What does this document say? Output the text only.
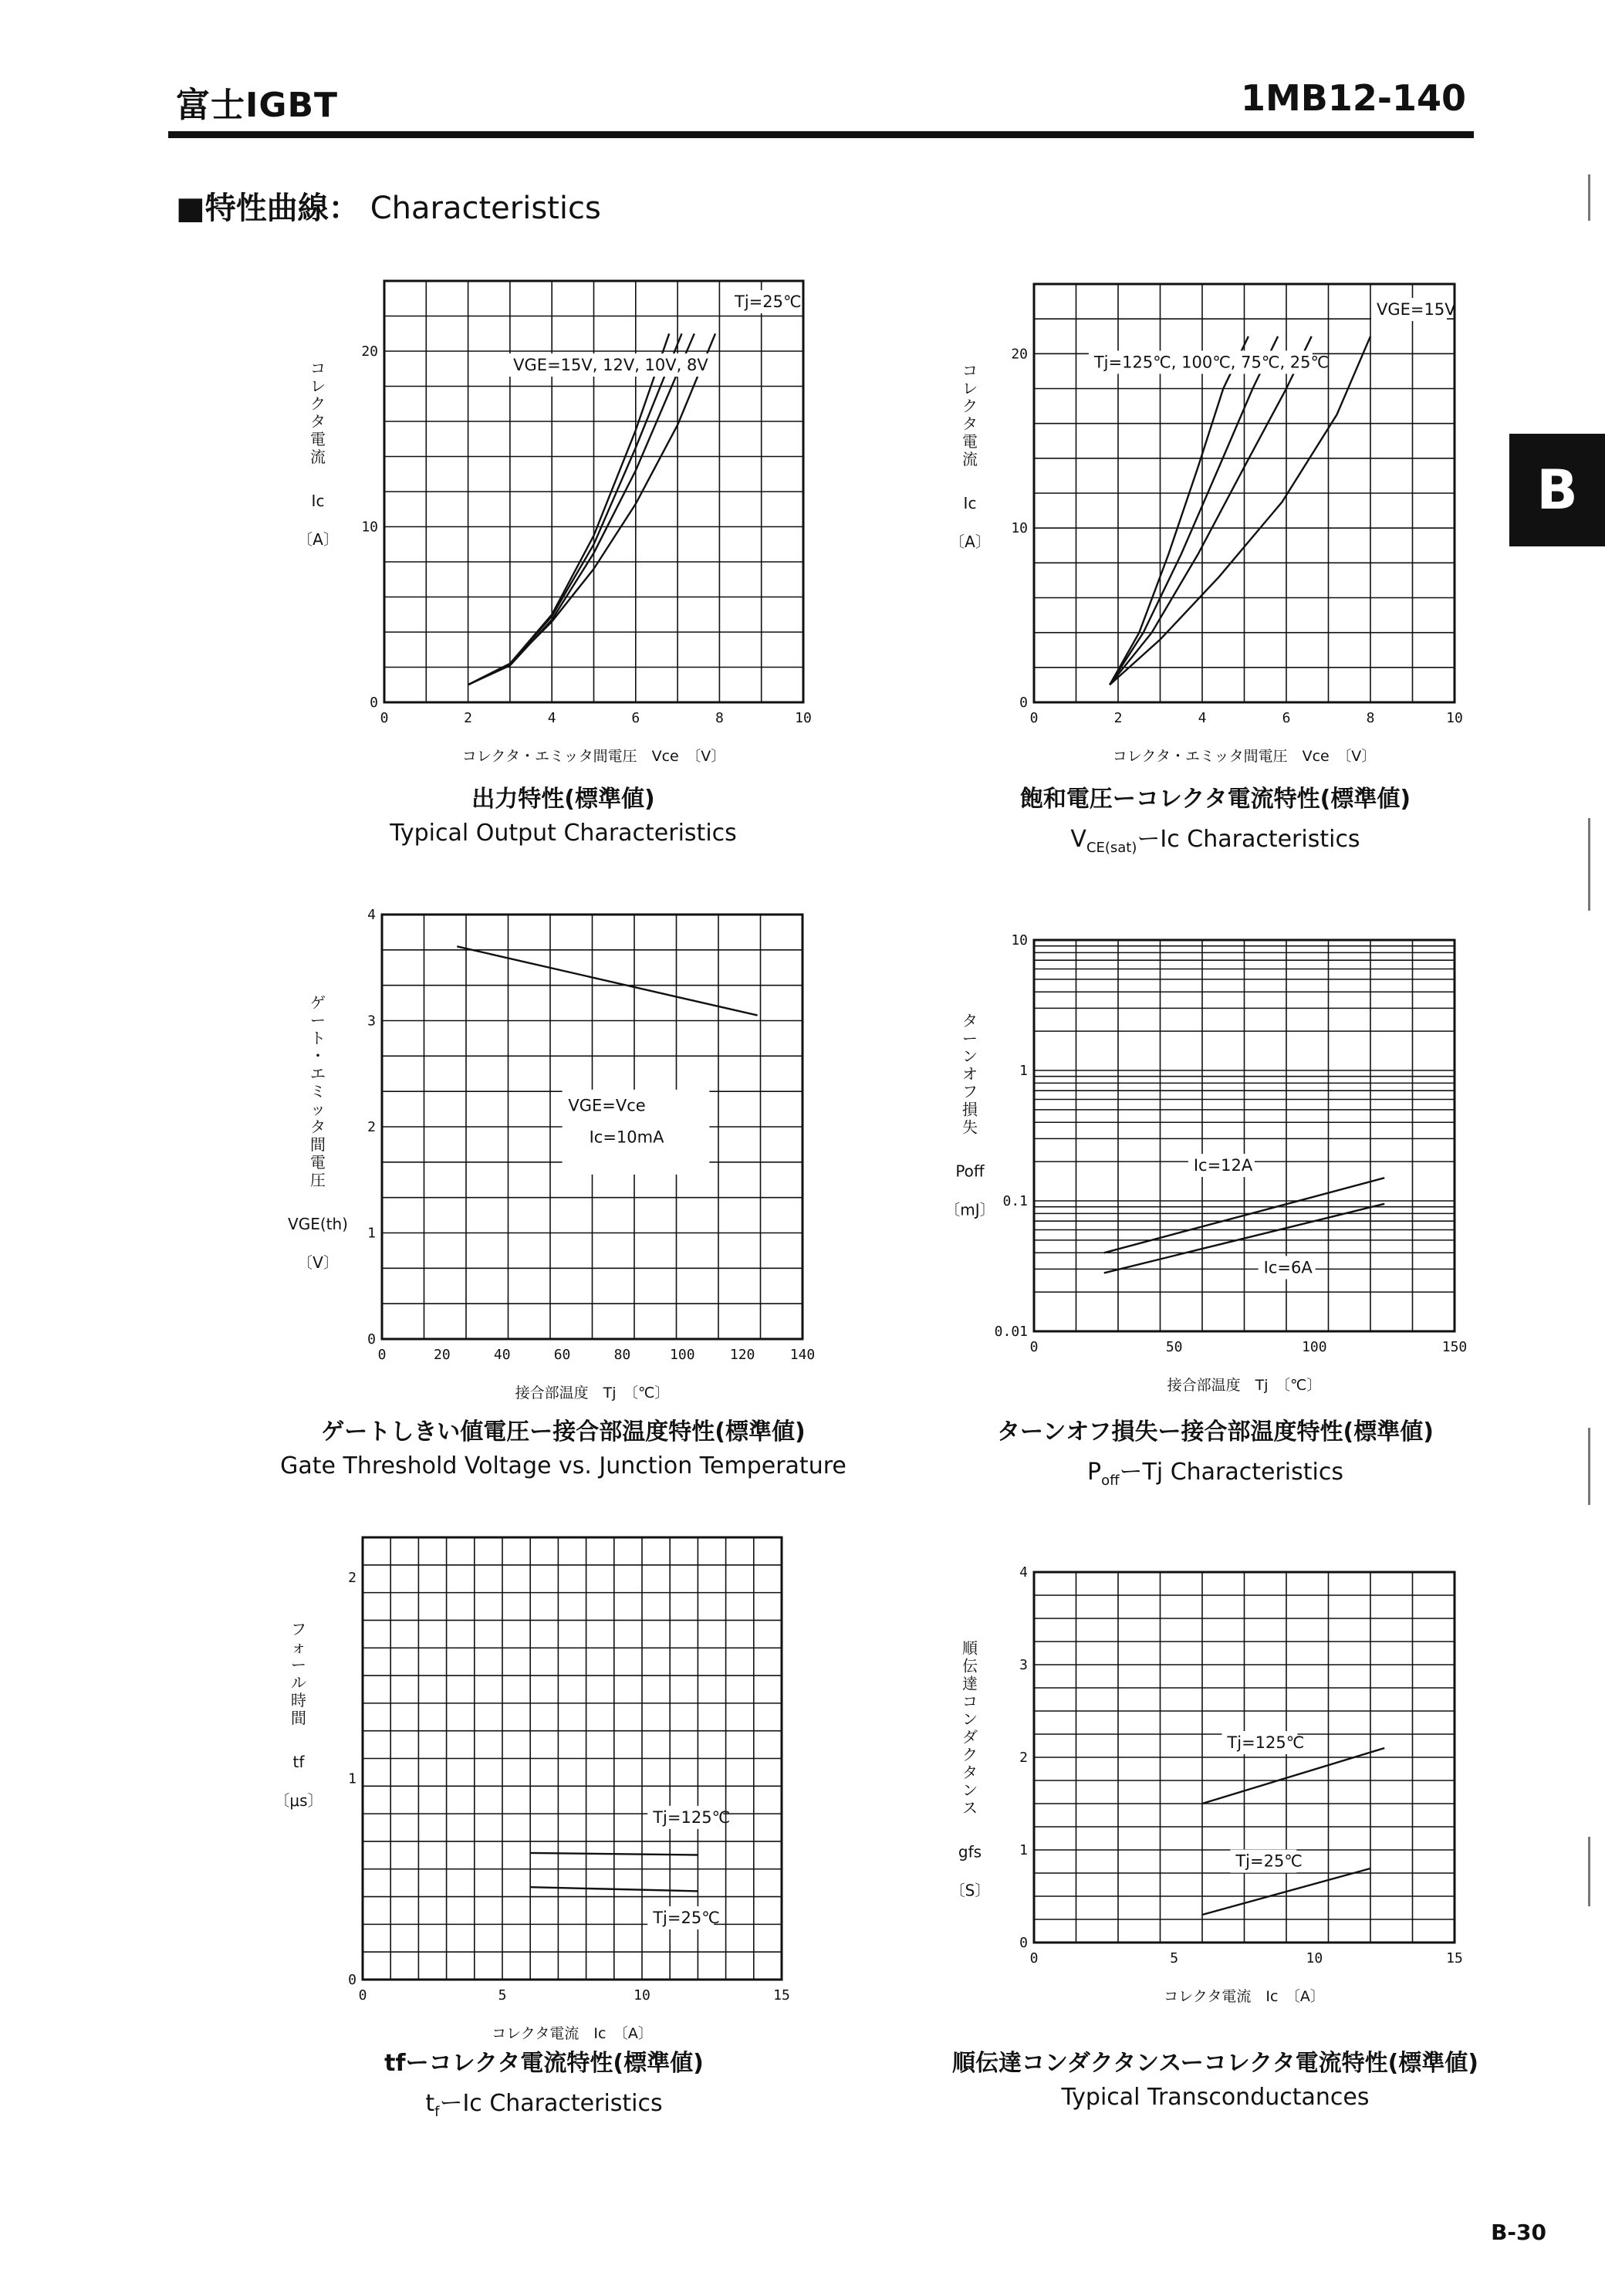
富士IGBT	1MB12-140
■特性曲線： Characteristics
B
0	2	4	6	8	10
0
10
20
Tj=25℃
VGE=15V, 12V, 10V, 8V
コレクタ・エミッタ間電圧　Vce　〔V〕
コレクタ電流
Ic
〔A〕
出力特性(標準値)
Typical Output Characteristics
0	2	4	6	8	10
0
10
20
VGE=15V
Tj=125℃, 100℃, 75℃, 25℃
コレクタ・エミッタ間電圧　Vce　〔V〕
コレクタ電流
Ic
〔A〕
飽和電圧ーコレクタ電流特性(標準値)
$V_{CE(sat)}$ーIc Characteristics
0	20	40	60	80	100	120	140
0
1
2
3
4
VGE=Vce
Ic=10mA
接合部温度　Tj　〔℃〕
ゲート・エミッタ間電圧
VGE(th)
〔V〕
ゲートしきい値電圧ー接合部温度特性(標準値)
Gate Threshold Voltage vs. Junction Temperature
0	50	100	150
0.01
0.1
1
10
Ic=12A
Ic=6A
接合部温度　Tj　〔℃〕
ターンオフ損失
Poff
〔mJ〕
ターンオフ損失ー接合部温度特性(標準値)
$P_{off}$ーTj Characteristics
0	5	10	15
0
1
2
Tj=125℃
Tj=25℃
コレクタ電流　Ic　〔A〕
フォール時間
tf
〔μs〕
tfーコレクタ電流特性(標準値)
$t_f$ーIc Characteristics
0	5	10	15
0
1
2
3
4
Tj=125℃
Tj=25℃
コレクタ電流　Ic　〔A〕
順伝達コンダクタンス
gfs
〔S〕
順伝達コンダクタンスーコレクタ電流特性(標準値)
Typical Transconductances
B-30
